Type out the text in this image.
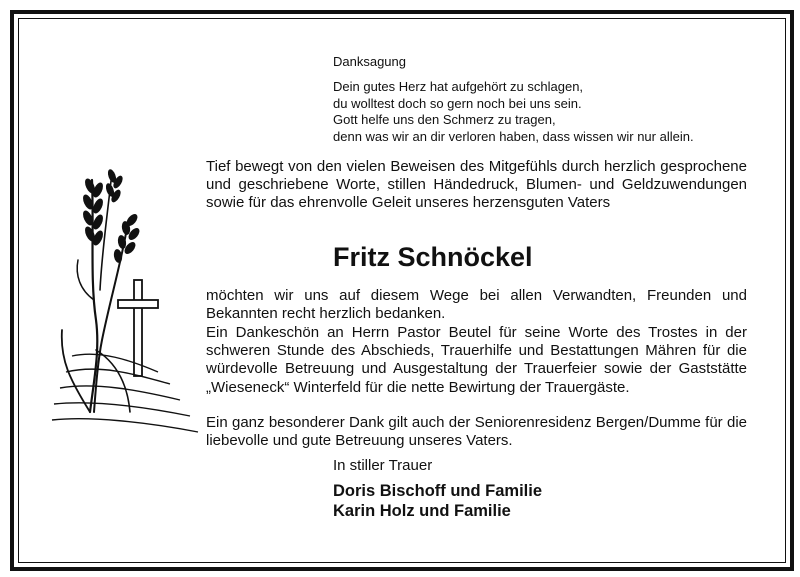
Danksagung
Dein gutes Herz hat aufgehört zu schlagen,
du wolltest doch so gern noch bei uns sein.
Gott helfe uns den Schmerz zu tragen,
denn was wir an dir verloren haben, dass wissen wir nur allein.
Tief bewegt von den vielen Beweisen des Mitgefühls durch herzlich gesprochene und geschriebene Worte, stillen Händedruck, Blumen- und Geldzuwendungen sowie für das ehrenvolle Geleit unseres herzensguten Vaters
Fritz Schnöckel
möchten wir uns auf diesem Wege bei allen Verwandten, Freunden und Bekannten recht herzlich bedanken.
Ein Dankeschön an Herrn Pastor Beutel für seine Worte des Trostes in der schweren Stunde des Abschieds, Trauerhilfe und Bestattungen Mähren für die würdevolle Betreuung und Ausgestaltung der Trauerfeier sowie der Gaststätte „Wieseneck“ Winterfeld für die nette Bewirtung der Trauergäste.
Ein ganz besonderer Dank gilt auch der Seniorenresidenz Bergen/Dumme für die liebevolle und gute Betreuung unseres Vaters.
In stiller Trauer
Doris Bischoff und Familie
Karin Holz und Familie
